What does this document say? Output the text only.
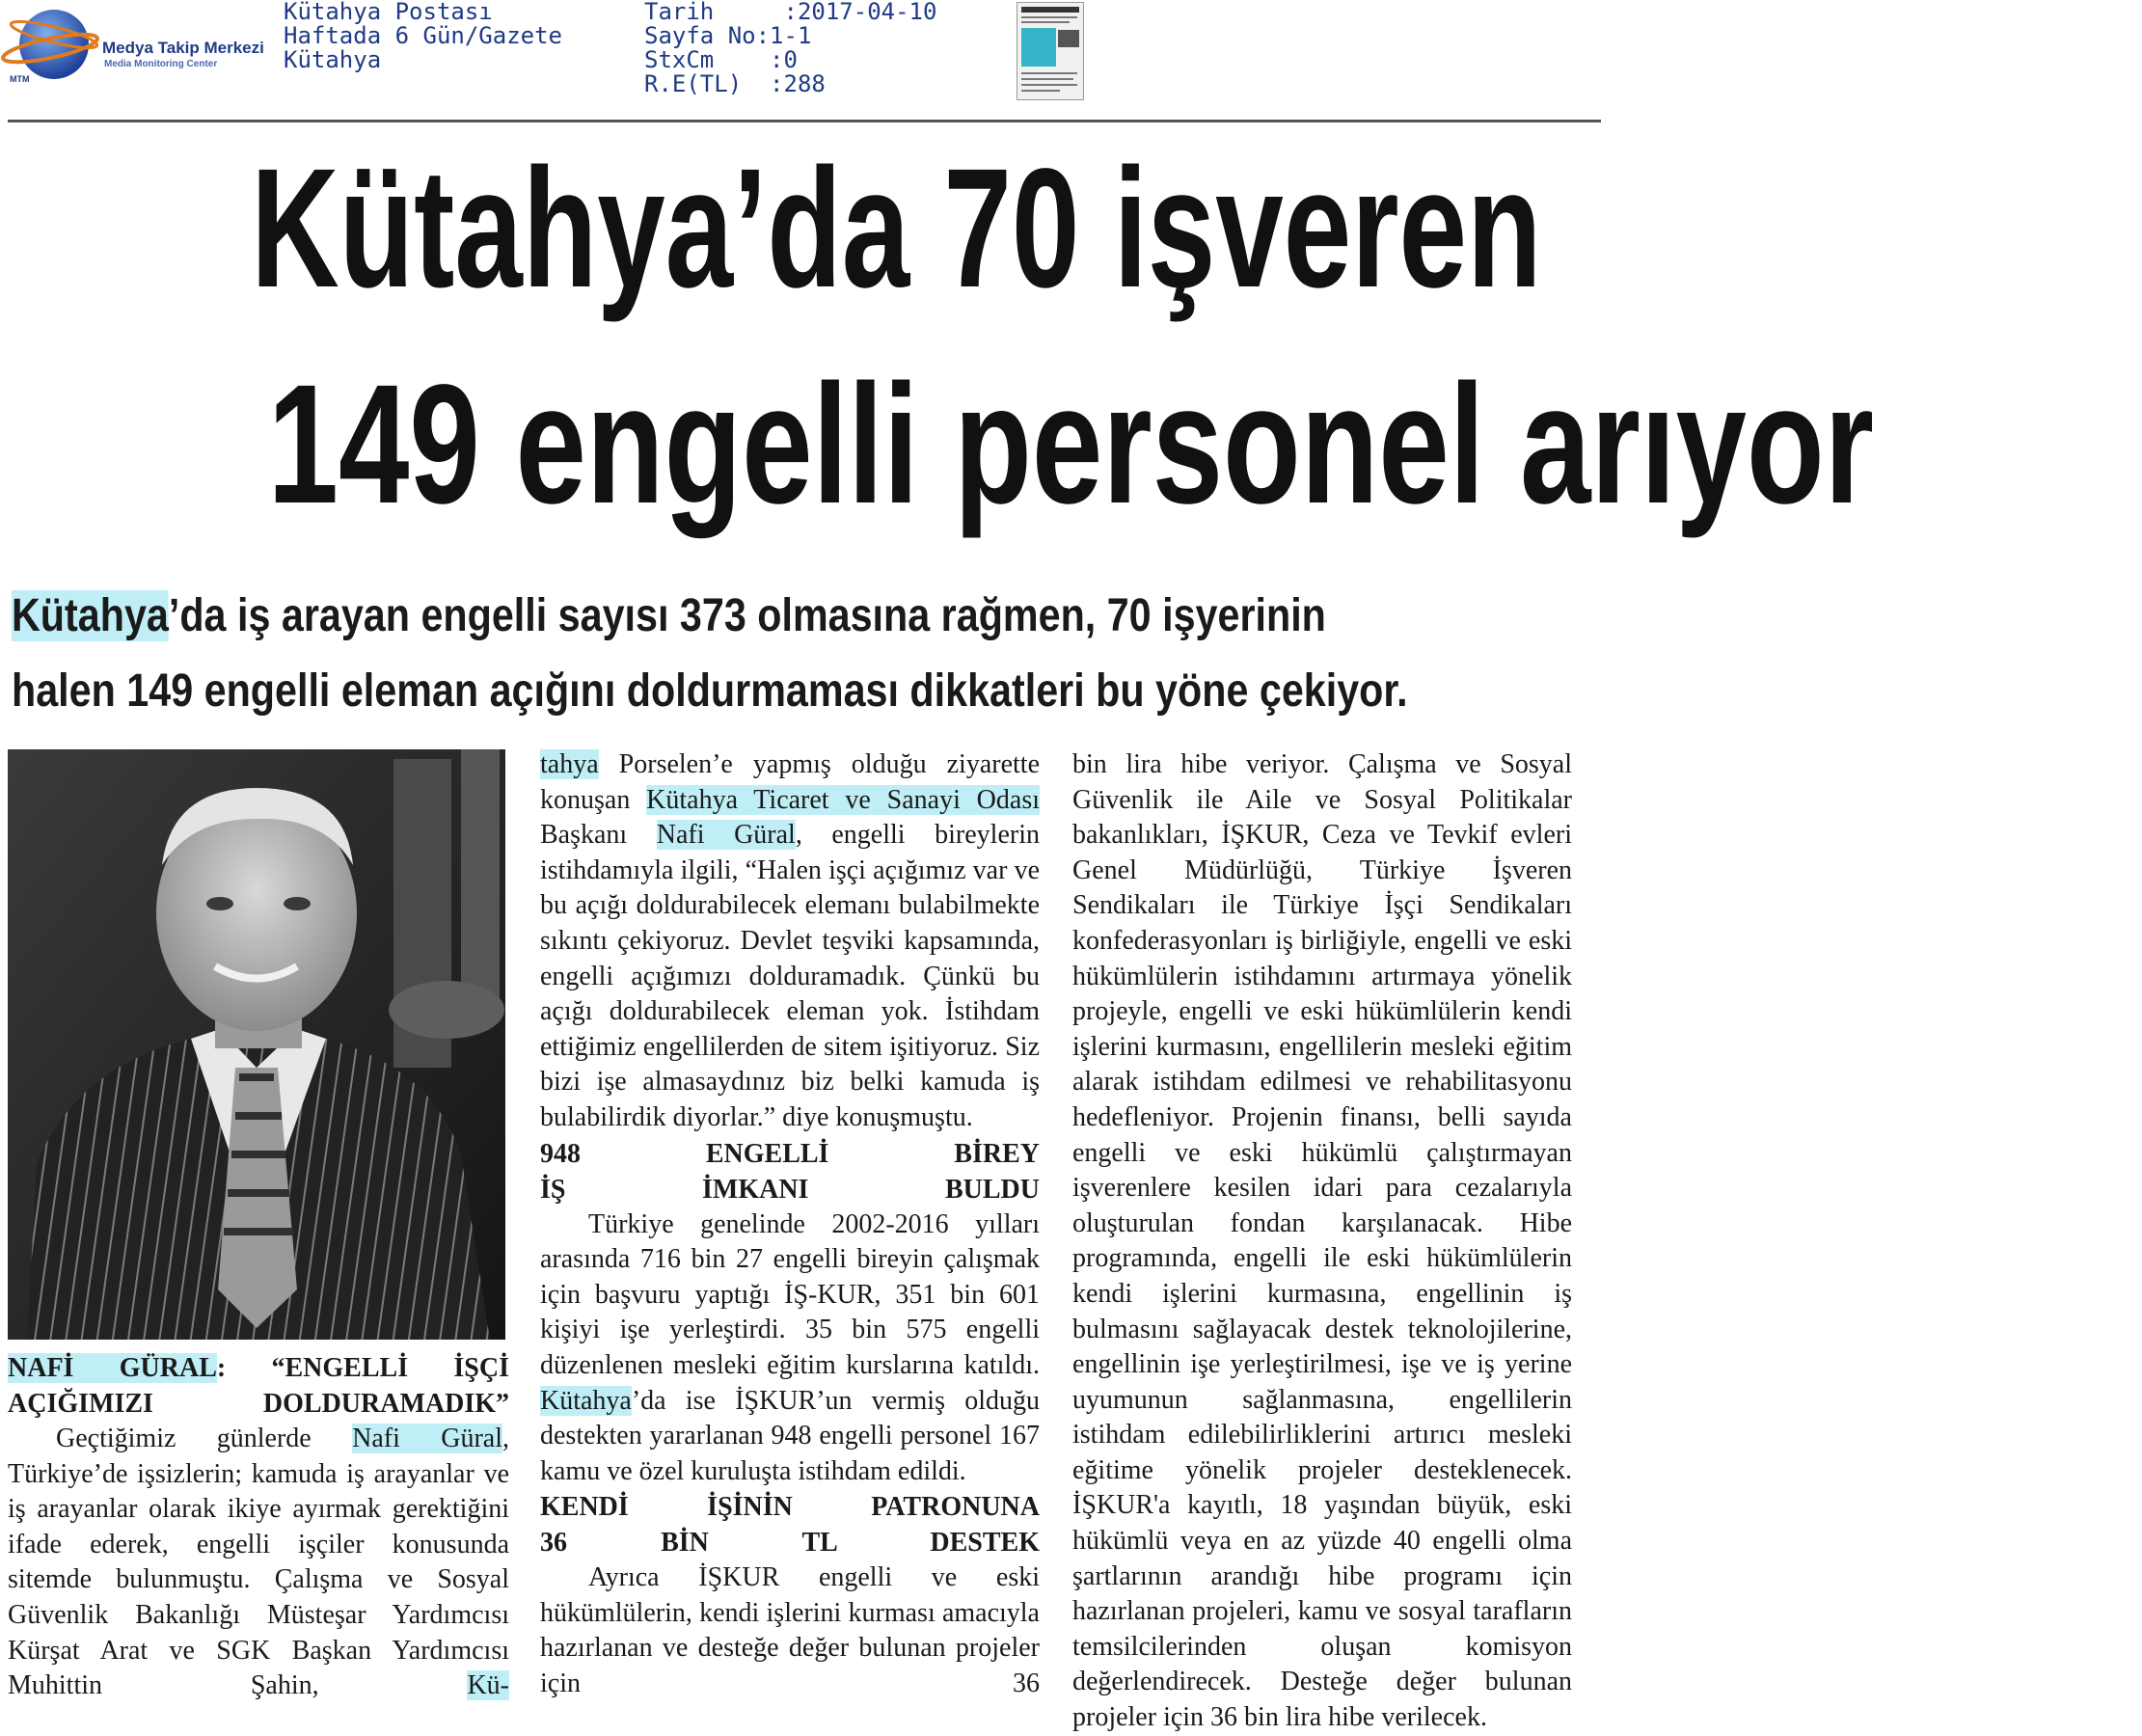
Medya Takip Merkezi
Media Monitoring Center
MTM
Kütahya Postası
Haftada 6 Gün/Gazete
Kütahya
Tarih     :2017-04-10
Sayfa No:1-1
StxCm    :0
R.E(TL)  :288
Kütahya’da 70 işveren
149 engelli personel arıyor
Kütahya’da iş arayan engelli sayısı 373 olmasına rağmen, 70 işyerinin
halen 149 engelli eleman açığını doldurmaması dikkatleri bu yöne çekiyor.

NAFİ GÜRAL: “ENGELLİ İŞÇİ

AÇIĞIMIZI DOLDURAMADIK”

Geçtiğimiz günlerde Nafi Güral, Türkiye’de işsizlerin; kamuda iş arayanlar ve iş arayanlar olarak ikiye ayırmak gerektiğini ifade ederek, engelli işçiler konusunda sitemde bulunmuştu. Çalışma ve Sosyal Güvenlik Bakanlığı Müsteşar Yardımcısı Kürşat Arat ve SGK Başkan Yardımcısı Muhittin Şahin, Kü-

tahya Porselen’e yapmış olduğu ziyarette konuşan Kütahya Ticaret ve Sanayi Odası Başkanı Nafi Güral, engelli bireylerin istihdamıyla ilgili, “Halen işçi açığımız var ve bu açığı doldurabilecek elemanı bulabilmekte sıkıntı çekiyoruz. Devlet teşviki kapsamında, engelli açığımızı dolduramadık. Çünkü bu açığı doldurabilecek eleman yok. İstihdam ettiğimiz engellilerden de sitem işitiyoruz. Siz bizi işe almasaydınız biz belki kamuda iş bulabilirdik diyorlar.” diye konuşmuştu.

948 ENGELLİ BİREY

İŞ İMKANI BULDU

Türkiye genelinde 2002-2016 yılları arasında 716 bin 27 engelli bireyin çalışmak için başvuru yaptığı İŞ-KUR, 351 bin 601 kişiyi işe yerleştirdi. 35 bin 575 engelli düzenlenen mesleki eğitim kurslarına katıldı. Kütahya’da ise İŞKUR’un vermiş olduğu destekten yararlanan 948 engelli personel 167 kamu ve özel kuruluşta istihdam edildi.

KENDİ İŞİNİN PATRONUNA

36 BİN TL DESTEK

Ayrıca İŞKUR engelli ve eski hükümlülerin, kendi işlerini kurması amacıyla hazırlanan ve desteğe değer bulunan projeler için 36

bin lira hibe veriyor. Çalışma ve Sosyal Güvenlik ile Aile ve Sosyal Politikalar bakanlıkları, İŞKUR, Ceza ve Tevkif evleri Genel Müdürlüğü, Türkiye İşveren Sendikaları ile Türkiye İşçi Sendikaları konfederasyonları iş birliğiyle, engelli ve eski hükümlülerin istihdamını artırmaya yönelik projeyle, engelli ve eski hükümlülerin kendi işlerini kurmasını, engellilerin mesleki eğitim alarak istihdam edilmesi ve rehabilitasyonu hedefleniyor. Projenin finansı, belli sayıda engelli ve eski hükümlü çalıştırmayan işverenlere kesilen idari para cezalarıyla oluşturulan fondan karşılanacak. Hibe programında, engelli ile eski hükümlülerin kendi işlerini kurmasına, engellinin iş bulmasını sağlayacak destek teknolojilerine, engellinin işe yerleştirilmesi, işe ve iş yerine uyumunun sağlanmasına, engellilerin istihdam edilebilirliklerini artırıcı mesleki eğitime yönelik projeler desteklenecek. İŞKUR'a kayıtlı, 18 yaşından büyük, eski hükümlü veya en az yüzde 40 engelli olma şartlarının arandığı hibe programı için hazırlanan projeleri, kamu ve sosyal tarafların temsilcilerinden oluşan komisyon değerlendirecek. Desteğe değer bulunan projeler için 36 bin lira hibe verilecek.
